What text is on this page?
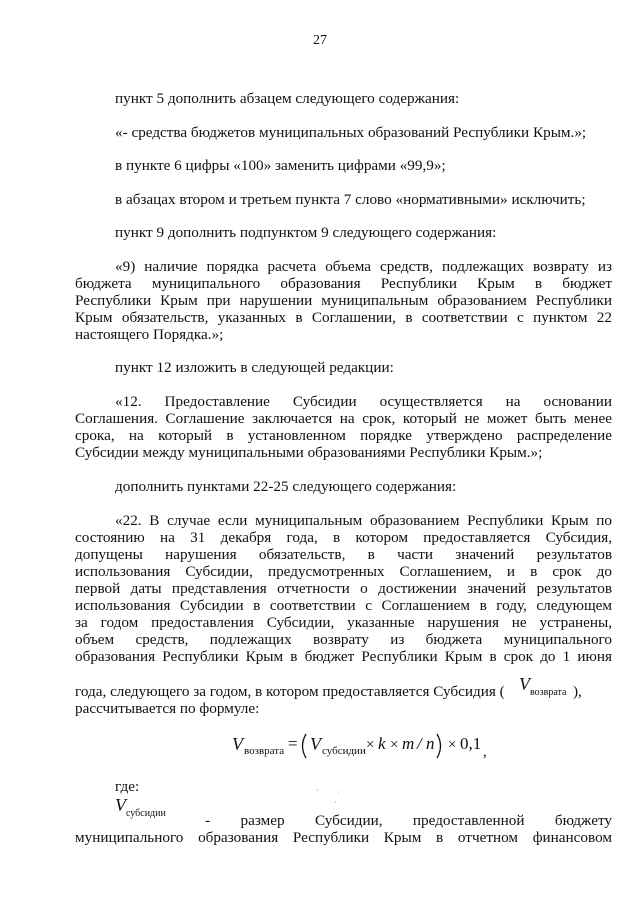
27
пункт 5 дополнить абзацем следующего содержания:
«- средства бюджетов муниципальных образований Республики Крым.»;
в пункте 6 цифры «100» заменить цифрами «99,9»;
в абзацах втором и третьем пункта 7 слово «нормативными» исключить;
пункт 9 дополнить подпунктом 9 следующего содержания:
«9) наличие порядка расчета объема средств, подлежащих возврату из
бюджета муниципального образования Республики Крым в бюджет
Республики Крым при нарушении муниципальным образованием Республики
Крым обязательств, указанных в Соглашении, в соответствии с пунктом 22
настоящего Порядка.»;
пункт 12 изложить в следующей редакции:
«12. Предоставление Субсидии осуществляется на основании
Соглашения. Соглашение заключается на срок, который не может быть менее
срока, на который в установленном порядке утверждено распределение
Субсидии между муниципальными образованиями Республики Крым.»;
дополнить пунктами 22-25 следующего содержания:
«22. В случае если муниципальным образованием Республики Крым по
состоянию на 31 декабря года, в котором предоставляется Субсидия,
допущены нарушения обязательств, в части значений результатов
использования Субсидии, предусмотренных Соглашением, и в срок до
первой даты представления отчетности о достижении значений результатов
использования Субсидии в соответствии с Соглашением в году, следующем
за годом предоставления Субсидии, указанные нарушения не устранены,
объем средств, подлежащих возврату из бюджета муниципального
образования Республики Крым в бюджет Республики Крым в срок до 1 июня
года, следующего за годом, в котором предоставляется Субсидия ( V возврата ),
рассчитывается по формуле:
V возврата = V субсидии × k × m / n × 0,1 ,
· ·
·
где:
V субсидии	- размер Субсидии, предоставленной бюджету
муниципального образования Республики Крым в отчетном финансовом
